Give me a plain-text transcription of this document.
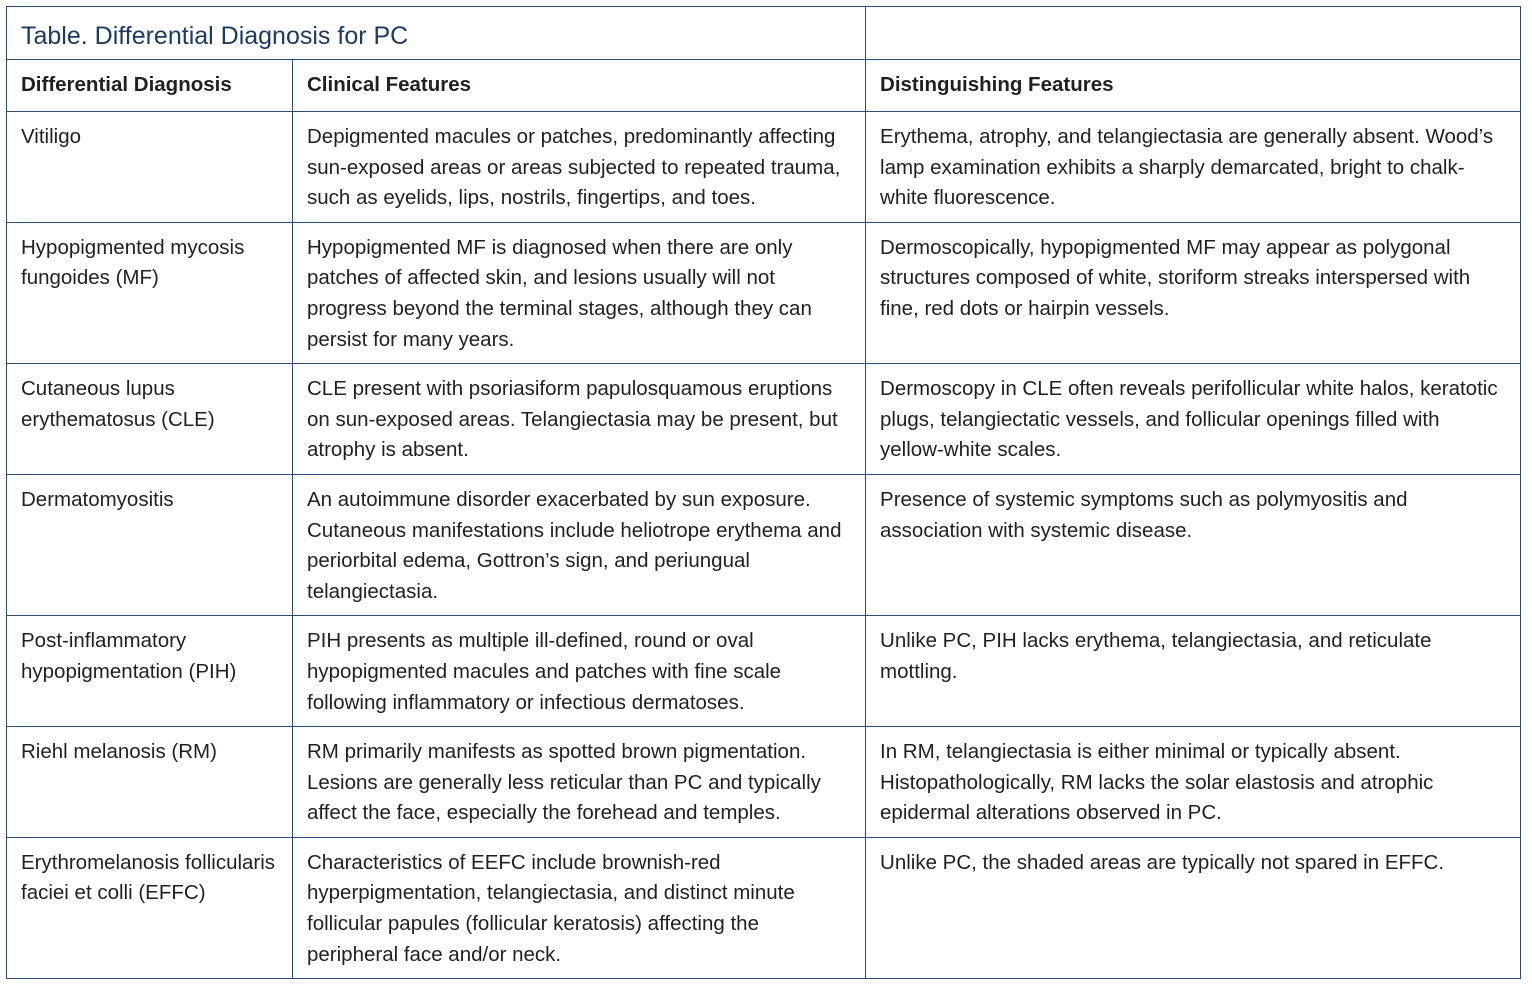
Table. Differential Diagnosis for PC		
Differential Diagnosis	Clinical Features	Distinguishing Features
Vitiligo	Depigmented macules or patches, predominantly affecting sun-exposed areas or areas subjected to repeated trauma, such as eyelids, lips, nostrils, fingertips, and toes.	Erythema, atrophy, and telangiectasia are generally absent. Wood’s lamp examination exhibits a sharply demarcated, bright to chalk-white fluorescence.
Hypopigmented mycosis fungoides (MF)	Hypopigmented MF is diagnosed when there are only patches of affected skin, and lesions usually will not progress beyond the terminal stages, although they can persist for many years.	Dermoscopically, hypopigmented MF may appear as polygonal structures composed of white, storiform streaks interspersed with fine, red dots or hairpin vessels.
Cutaneous lupus erythematosus (CLE)	CLE present with psoriasiform papulosquamous eruptions on sun-exposed areas. Telangiectasia may be present, but atrophy is absent.	Dermoscopy in CLE often reveals perifollicular white halos, keratotic plugs, telangiectatic vessels, and follicular openings filled with yellow-white scales.
Dermatomyositis	An autoimmune disorder exacerbated by sun exposure. Cutaneous manifestations include heliotrope erythema and periorbital edema, Gottron’s sign, and periungual telangiectasia.	Presence of systemic symptoms such as polymyositis and association with systemic disease.
Post-inflammatory hypopigmentation (PIH)	PIH presents as multiple ill-defined, round or oval hypopigmented macules and patches with fine scale following inflammatory or infectious dermatoses.	Unlike PC, PIH lacks erythema, telangiectasia, and reticulate mottling.
Riehl melanosis (RM)	RM primarily manifests as spotted brown pigmentation. Lesions are generally less reticular than PC and typically affect the face, especially the forehead and temples.	In RM, telangiectasia is either minimal or typically absent. Histopathologically, RM lacks the solar elastosis and atrophic epidermal alterations observed in PC.
Erythromelanosis follicularis faciei et colli (EFFC)	Characteristics of EEFC include brownish-red hyperpigmentation, telangiectasia, and distinct minute follicular papules (follicular keratosis) affecting the peripheral face and/or neck.	Unlike PC, the shaded areas are typically not spared in EFFC.
